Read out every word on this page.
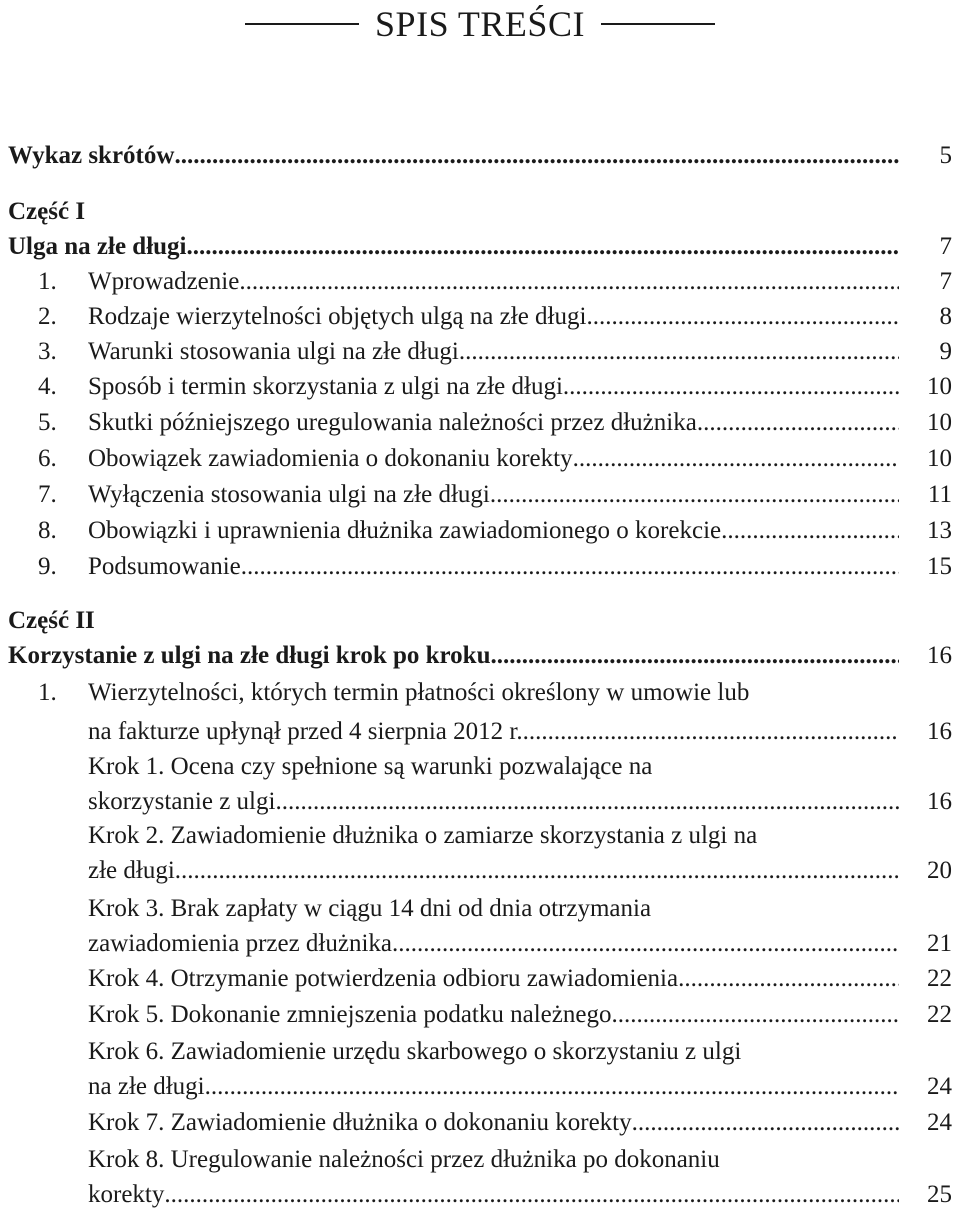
SPIS TREŚCI
Wykaz skrótów .....	5
Część I
Ulga na złe długi .....	7
1. Wprowadzenie .....	7
2. Rodzaje wierzytelności objętych ulgą na złe długi .....	8
3. Warunki stosowania ulgi na złe długi .....	9
4. Sposób i termin skorzystania z ulgi na złe długi .....	10
5. Skutki późniejszego uregulowania należności przez dłużnika .....	10
6. Obowiązek zawiadomienia o dokonaniu korekty .....	10
7. Wyłączenia stosowania ulgi na złe długi .....	11
8. Obowiązki i uprawnienia dłużnika zawiadomionego o korekcie .....	13
9. Podsumowanie .....	15
Część II
Korzystanie z ulgi na złe długi krok po kroku .....	16
1. Wierzytelności, których termin płatności określony w umowie lub
na fakturze upłynął przed 4 sierpnia 2012 r. .....	16
Krok 1. Ocena czy spełnione są warunki pozwalające na
skorzystanie z ulgi .....	16
Krok 2. Zawiadomienie dłużnika o zamiarze skorzystania z ulgi na
złe długi .....	20
Krok 3. Brak zapłaty w ciągu 14 dni od dnia otrzymania
zawiadomienia przez dłużnika .....	21
Krok 4. Otrzymanie potwierdzenia odbioru zawiadomienia .....	22
Krok 5. Dokonanie zmniejszenia podatku należnego .....	22
Krok 6. Zawiadomienie urzędu skarbowego o skorzystaniu z ulgi
na złe długi .....	24
Krok 7. Zawiadomienie dłużnika o dokonaniu korekty .....	24
Krok 8. Uregulowanie należności przez dłużnika po dokonaniu
korekty .....	25
